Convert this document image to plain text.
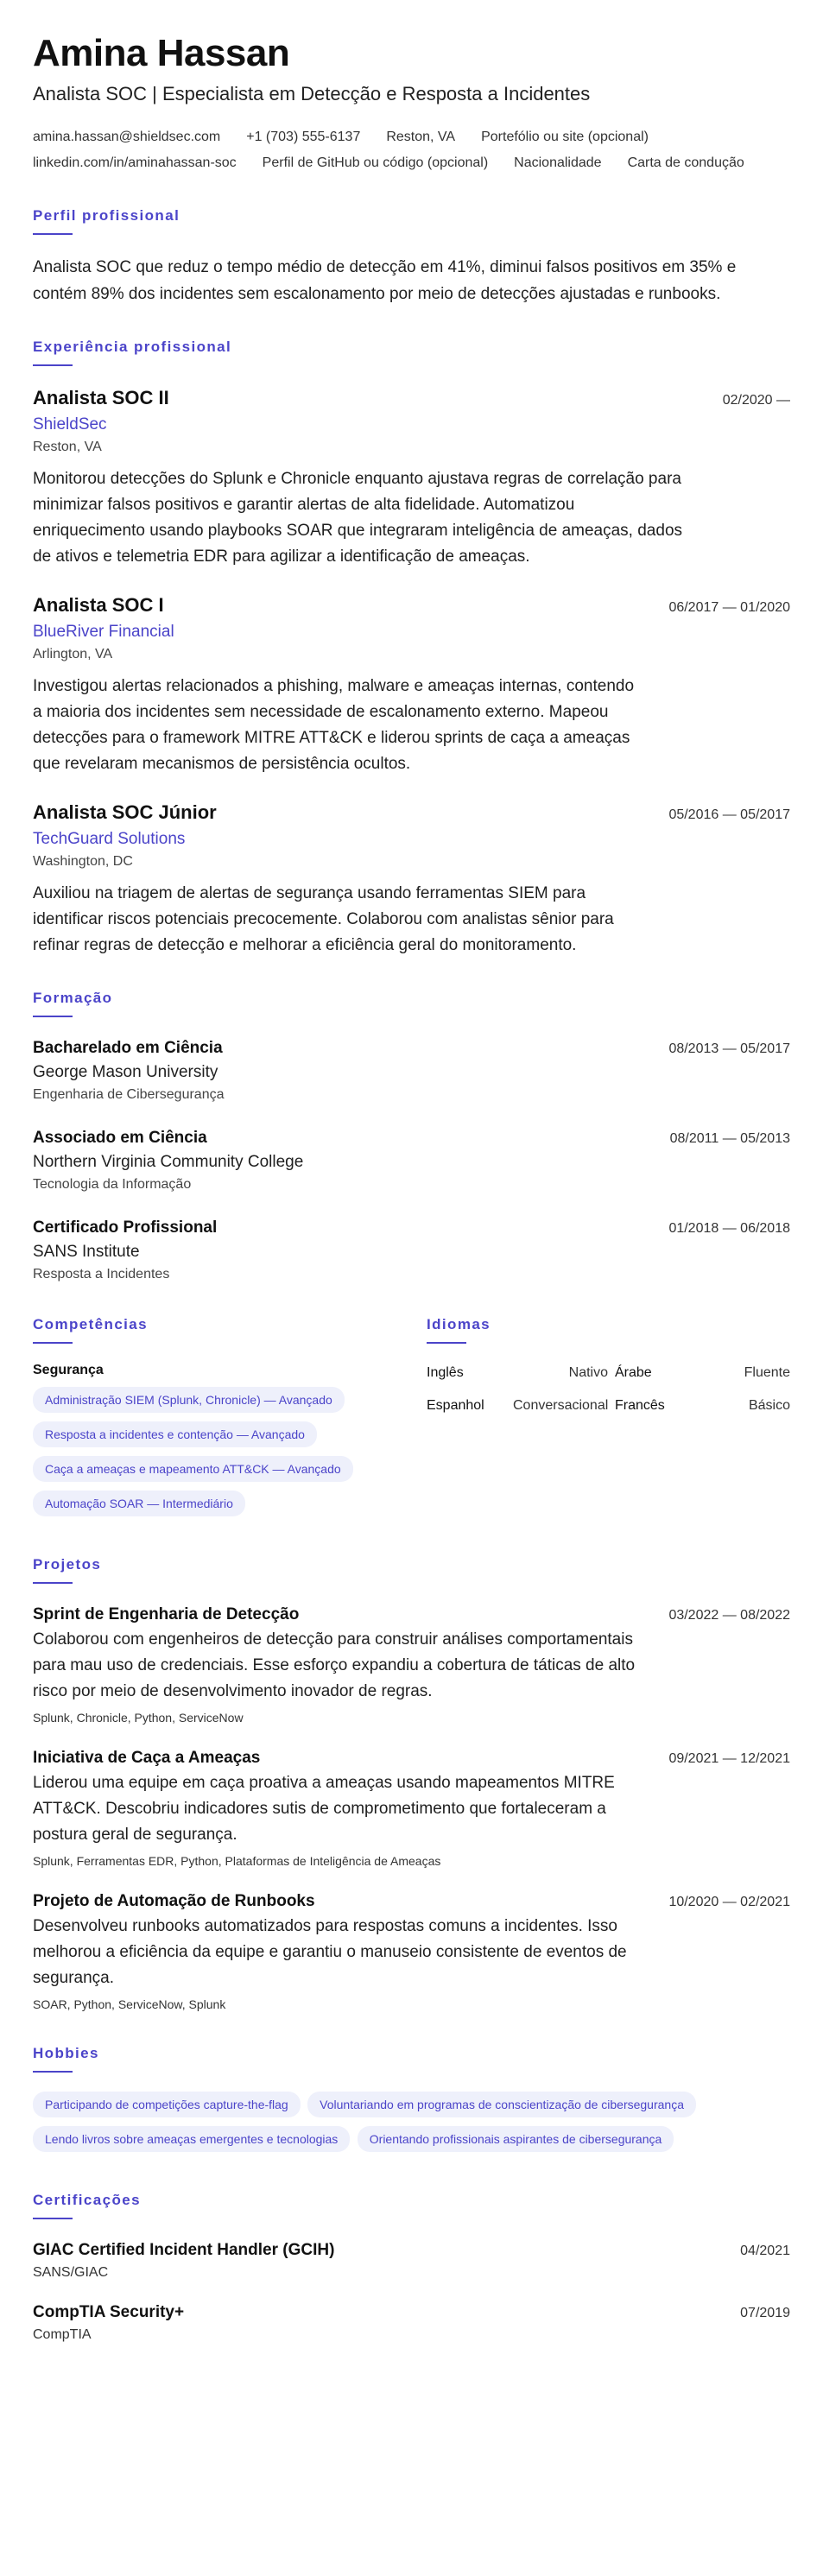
Amina Hassan
Analista SOC | Especialista em Detecção e Resposta a Incidentes
amina.hassan@shieldsec.com +1 (703) 555-6137 Reston, VA Portefólio ou site (opcional)
linkedin.com/in/aminahassan-soc Perfil de GitHub ou código (opcional) Nacionalidade Carta de condução
Perfil profissional

Analista SOC que reduz o tempo médio de detecção em 41%, diminui falsos positivos em 35% e contém 89% dos incidentes sem escalonamento por meio de detecções ajustadas e runbooks.

Experiência profissional
Analista SOC II	02/2020 —
ShieldSec
Reston, VA

Monitorou detecções do Splunk e Chronicle enquanto ajustava regras de correlação para minimizar falsos positivos e garantir alertas de alta fidelidade. Automatizou enriquecimento usando playbooks SOAR que integraram inteligência de ameaças, dados de ativos e telemetria EDR para agilizar a identificação de ameaças.

Analista SOC I	06/2017 — 01/2020
BlueRiver Financial
Arlington, VA

Investigou alertas relacionados a phishing, malware e ameaças internas, contendo a maioria dos incidentes sem necessidade de escalonamento externo. Mapeou detecções para o framework MITRE ATT&CK e liderou sprints de caça a ameaças que revelaram mecanismos de persistência ocultos.

Analista SOC Júnior	05/2016 — 05/2017
TechGuard Solutions
Washington, DC

Auxiliou na triagem de alertas de segurança usando ferramentas SIEM para identificar riscos potenciais precocemente. Colaborou com analistas sênior para refinar regras de detecção e melhorar a eficiência geral do monitoramento.

Formação
Bacharelado em Ciência	08/2013 — 05/2017
George Mason University
Engenharia de Cibersegurança
Associado em Ciência	08/2011 — 05/2013
Northern Virginia Community College
Tecnologia da Informação
Certificado Profissional	01/2018 — 06/2018
SANS Institute
Resposta a Incidentes
Competências
Segurança
Administração SIEM (Splunk, Chronicle) — Avançado
Resposta a incidentes e contenção — Avançado
Caça a ameaças e mapeamento ATT&CK — Avançado
Automação SOAR — Intermediário
Idiomas
Inglês	Nativo Árabe	Fluente
Espanhol	Conversacional Francês	Básico
Projetos
Sprint de Engenharia de Detecção	03/2022 — 08/2022

Colaborou com engenheiros de detecção para construir análises comportamentais para mau uso de credenciais. Esse esforço expandiu a cobertura de táticas de alto risco por meio de desenvolvimento inovador de regras.

Splunk, Chronicle, Python, ServiceNow
Iniciativa de Caça a Ameaças	09/2021 — 12/2021

Liderou uma equipe em caça proativa a ameaças usando mapeamentos MITRE ATT&CK. Descobriu indicadores sutis de comprometimento que fortaleceram a postura geral de segurança.

Splunk, Ferramentas EDR, Python, Plataformas de Inteligência de Ameaças
Projeto de Automação de Runbooks	10/2020 — 02/2021

Desenvolveu runbooks automatizados para respostas comuns a incidentes. Isso melhorou a eficiência da equipe e garantiu o manuseio consistente de eventos de segurança.

SOAR, Python, ServiceNow, Splunk
Hobbies
Participando de competições capture-the-flag	Voluntariando em programas de conscientização de cibersegurança Lendo livros sobre ameaças emergentes e tecnologias	Orientando profissionais aspirantes de cibersegurança
Certificações
GIAC Certified Incident Handler (GCIH)	04/2021
SANS/GIAC
CompTIA Security+	07/2019
CompTIA
